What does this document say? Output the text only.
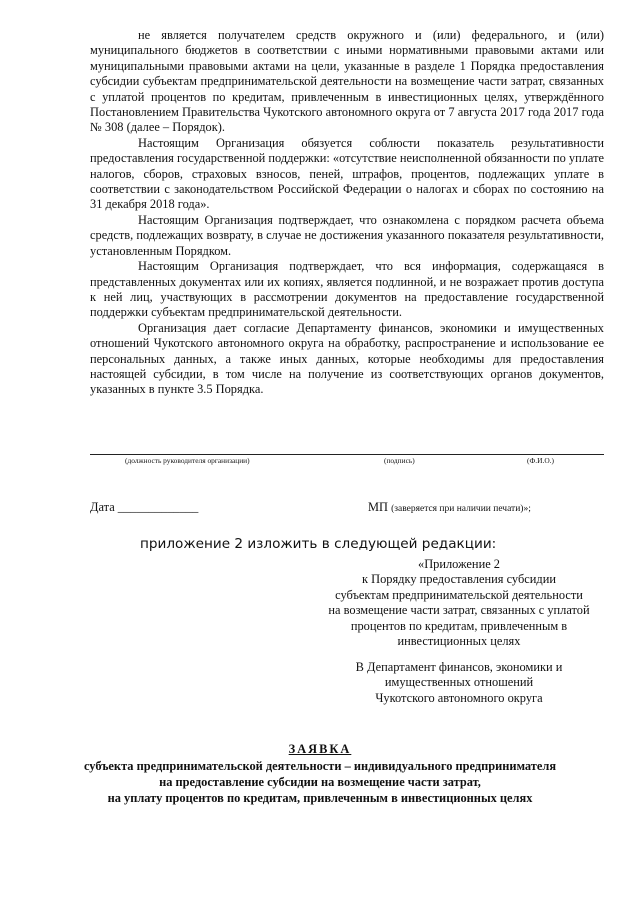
не является получателем средств окружного и (или) федерального, и (или) муниципального бюджетов в соответствии с иными нормативными правовыми актами или муниципальными правовыми актами на цели, указанные в разделе 1 Порядка предоставления субсидии субъектам предпринимательской деятельности на возмещение части затрат, связанных с уплатой процентов по кредитам, привлеченным в инвестиционных целях, утверждённого Постановлением Правительства Чукотского автономного округа от 7 августа 2017 года 2017 года № 308 (далее – Порядок).

Настоящим Организация обязуется соблюсти показатель результативности предоставления государственной поддержки: «отсутствие неисполненной обязанности по уплате налогов, сборов, страховых взносов, пеней, штрафов, процентов, подлежащих уплате в соответствии с законодательством Российской Федерации о налогах и сборах по состоянию на 31 декабря 2018 года».

Настоящим Организация подтверждает, что ознакомлена с порядком расчета объема средств, подлежащих возврату, в случае не достижения указанного показателя результативности, установленным Порядком.

Настоящим Организация подтверждает, что вся информация, содержащаяся в представленных документах или их копиях, является подлинной, и не возражает против доступа к ней лиц, участвующих в рассмотрении документов на предоставление государственной поддержки субъектам предпринимательской деятельности.

Организация дает согласие Департаменту финансов, экономики и имущественных отношений Чукотского автономного округа на обработку, распространение и использование ее персональных данных, а также иных данных, которые необходимы для предоставления настоящей субсидии, в том числе на получение из соответствующих органов документов, указанных в пункте 3.5 Порядка.

(должность руководителя организации)	(подпись)	(Ф.И.О.)
Дата _____________	МП (заверяется при наличии печати)»;
приложение 2 изложить в следующей редакции:
«Приложение 2
к Порядку предоставления субсидии
субъектам предпринимательской деятельности
на возмещение части затрат, связанных с уплатой
процентов по кредитам, привлеченным в
инвестиционных целях
В Департамент финансов, экономики и
имущественных отношений
Чукотского автономного округа
ЗАЯВКА
субъекта предпринимательской деятельности – индивидуального предпринимателя
на предоставление субсидии на возмещение части затрат,
на уплату процентов по кредитам, привлеченным в инвестиционных целях
